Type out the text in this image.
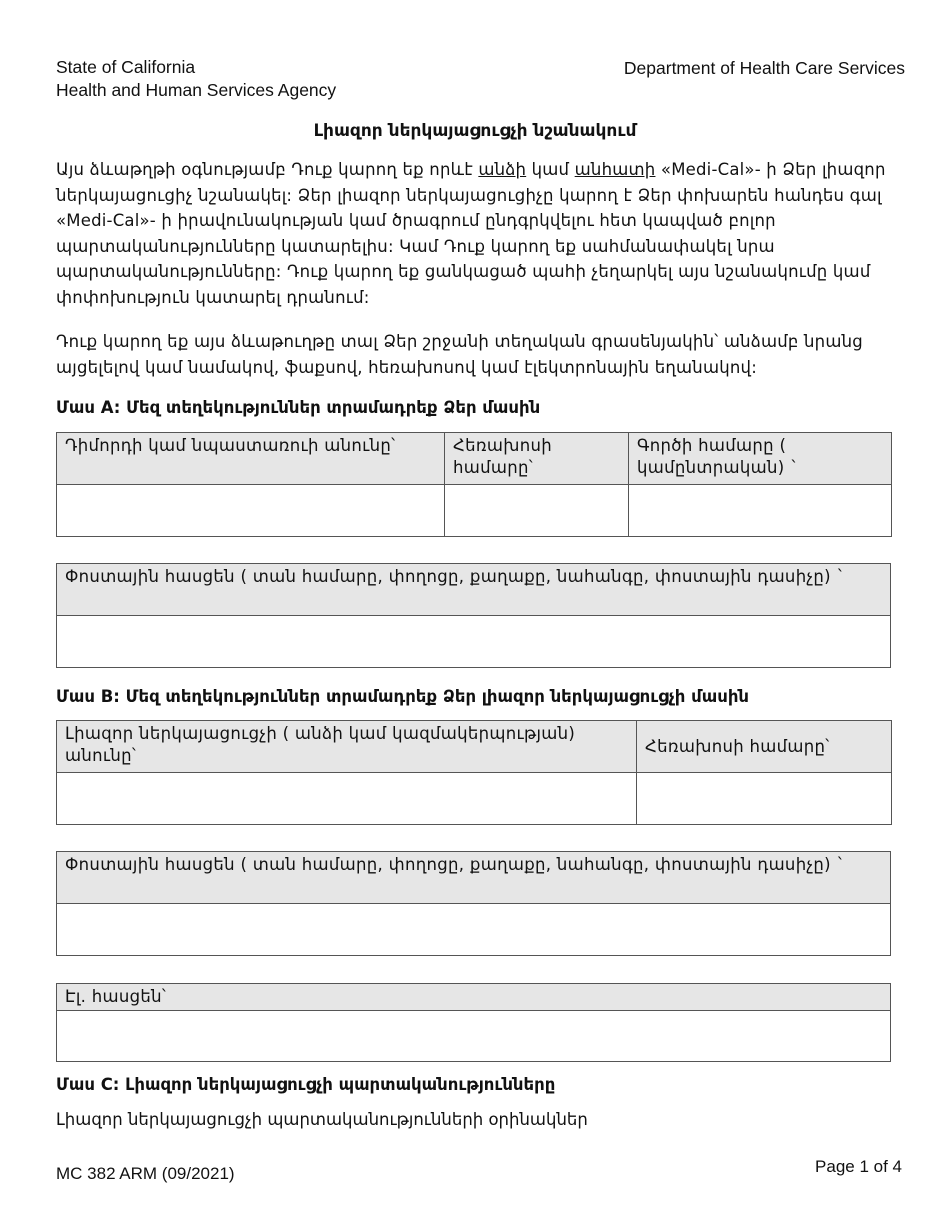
State of California
Health and Human Services Agency
Department of Health Care Services
Լիազոր ներկայացուցչի նշանակում
Այս ձևաթղթի օգնությամբ Դուք կարող եք որևէ անձի կամ անհատի «Medi-Cal»- ի Ձեր լիազոր ներկայացուցիչ նշանակել: Ձեր լիազոր ներկայացուցիչը կարող է Ձեր փոխարեն հանդես գալ «Medi-Cal»- ի իրավունակության կամ ծրագրում ընդգրկվելու հետ կապված բոլոր պարտականությունները կատարելիս: Կամ Դուք կարող եք սահմանափակել նրա պարտականությունները: Դուք կարող եք ցանկացած պահի չեղարկել այս նշանակումը կամ փոփոխություն կատարել դրանում:
Դուք կարող եք այս ձևաթուղթը տալ Ձեր շրջանի տեղական գրասենյակին՝ անձամբ նրանց այցելելով կամ նամակով, ֆաքսով, հեռախոսով կամ էլեկտրոնային եղանակով:
Մաս A: Մեզ տեղեկություններ տրամադրեք Ձեր մասին
Դիմորդի կամ նպաստառուի անունը՝	Հեռախոսի համարը՝	Գործի համարը ( կամընտրական) `

Փոստային հասցեն ( տան համարը, փողոցը, քաղաքը, նահանգը, փոստային դասիչը) `

Մաս B: Մեզ տեղեկություններ տրամադրեք Ձեր լիազոր ներկայացուցչի մասին
Լիազոր ներկայացուցչի ( անձի կամ կազմակերպության) անունը՝	Հեռախոսի համարը՝

Փոստային հասցեն ( տան համարը, փողոցը, քաղաքը, նահանգը, փոստային դասիչը) `

Էլ. հասցեն՝

Մաս C: Լիազոր ներկայացուցչի պարտականությունները
Լիազոր ներկայացուցչի պարտականությունների օրինակներ
MC 382 ARM (09/2021)	Page 1 of 4
